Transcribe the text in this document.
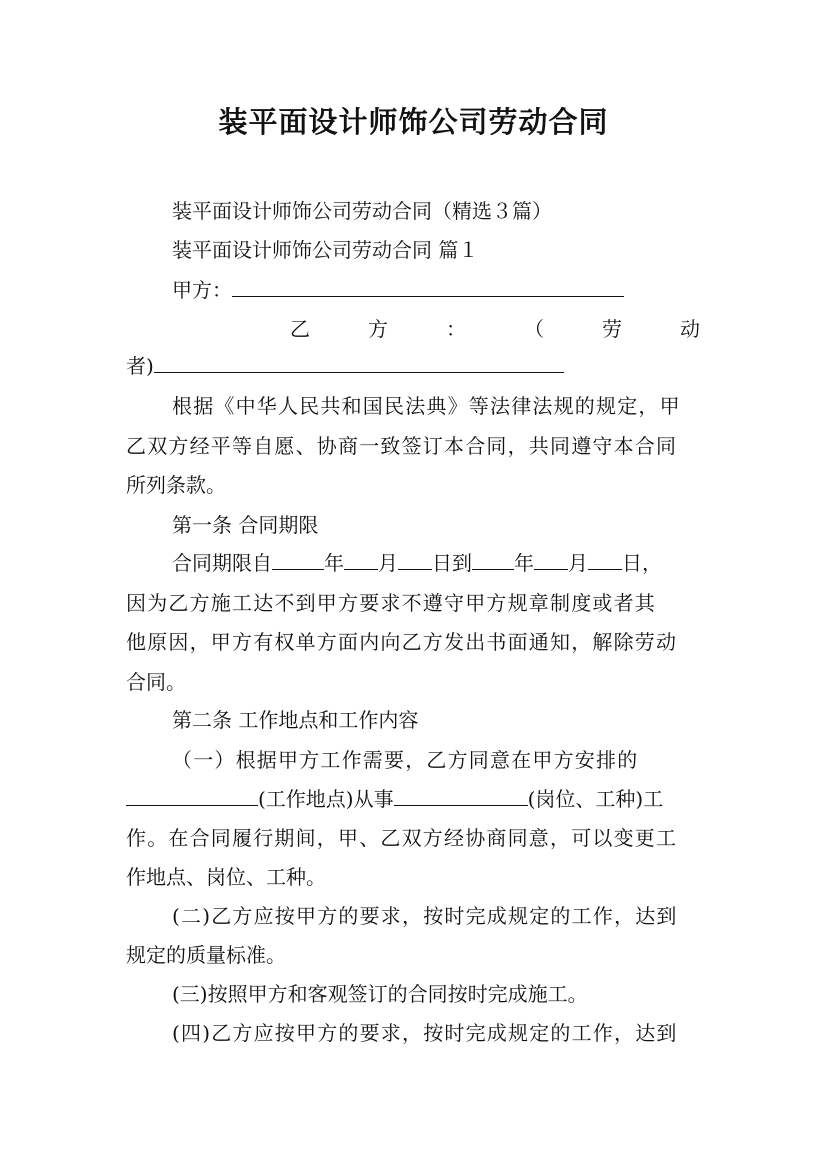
装平面设计师饰公司劳动合同

装平面设计师饰公司劳动合同（精选３篇）

装平面设计师饰公司劳动合同 篇１

甲方：

乙	方	：	（	劳	动

者)

根据《中华人民共和国民法典》等法律法规的规定，甲

乙双方经平等自愿、协商一致签订本合同，共同遵守本合同

所列条款。

第一条 合同期限

合同期限自	年 月 日到 年 月 日，

因为乙方施工达不到甲方要求不遵守甲方规章制度或者其

他原因，甲方有权单方面内向乙方发出书面通知，解除劳动

合同。

第二条 工作地点和工作内容

（一）根据甲方工作需要，乙方同意在甲方安排的

(工作地点)从事	(岗位、工种)工

作。在合同履行期间，甲、乙双方经协商同意，可以变更工

作地点、岗位、工种。

(二)乙方应按甲方的要求，按时完成规定的工作，达到

规定的质量标准。

(三)按照甲方和客观签订的合同按时完成施工。

(四)乙方应按甲方的要求，按时完成规定的工作，达到
